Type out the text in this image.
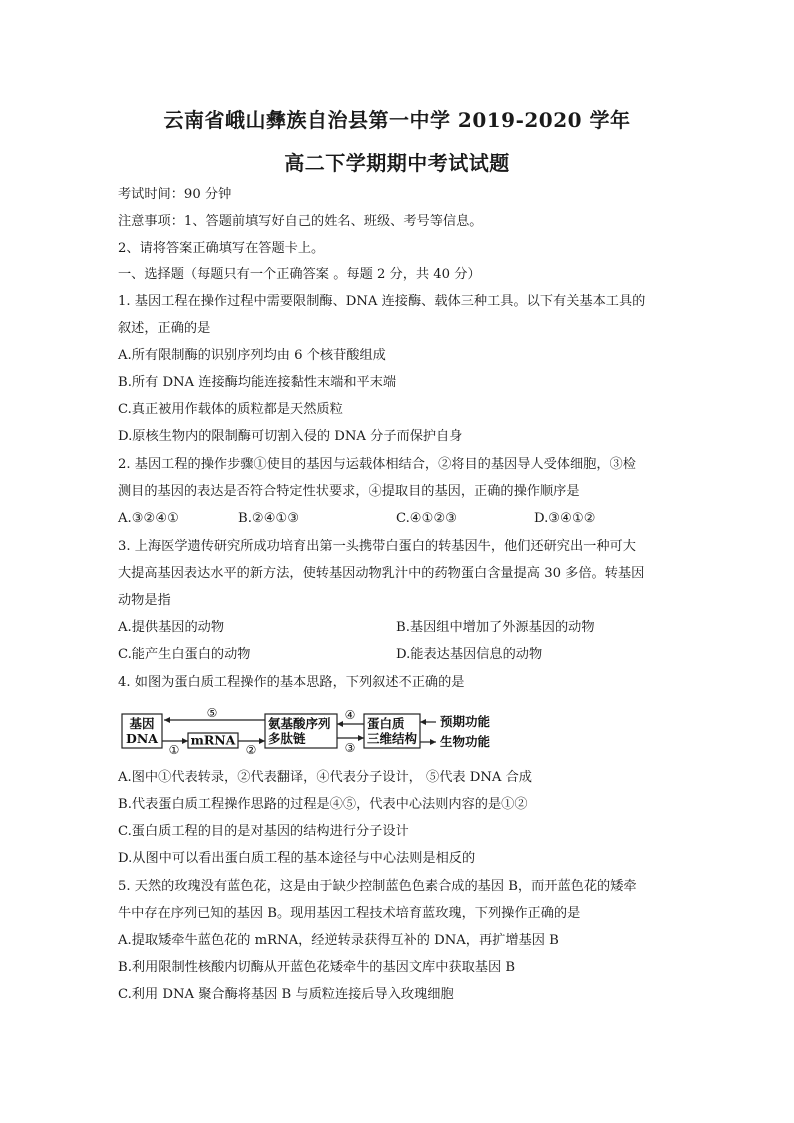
云南省峨山彝族自治县第一中学 2019-2020 学年
高二下学期期中考试试题
考试时间：90 分钟
注意事项：1、答题前填写好自己的姓名、班级、考号等信息。
2、请将答案正确填写在答题卡上。
一、选择题（每题只有一个正确答案 。每题 2 分，共 40 分）
1. 基因工程在操作过程中需要限制酶、DNA 连接酶、载体三种工具。以下有关基本工具的
叙述，正确的是
A.所有限制酶的识别序列均由 6 个核苷酸组成
B.所有 DNA 连接酶均能连接黏性末端和平末端
C.真正被用作载体的质粒都是天然质粒
D.原核生物内的限制酶可切割入侵的 DNA 分子而保护自身
2. 基因工程的操作步骤①使目的基因与运载体相结合，②将目的基因导人受体细胞，③检
测目的基因的表达是否符合特定性状要求，④提取目的基因，正确的操作顺序是
A.③②④①	B.②④①③	C.④①②③	D.③④①②
3. 上海医学遗传研究所成功培育出第一头携带白蛋白的转基因牛，他们还研究出一种可大
大提高基因表达水平的新方法，使转基因动物乳汁中的药物蛋白含量提高 30 多倍。转基因
动物是指
A.提供基因的动物	B.基因组中增加了外源基因的动物
C.能产生白蛋白的动物	D.能表达基因信息的动物
4. 如图为蛋白质工程操作的基本思路，下列叙述不正确的是
基因
DNA	mRNA
氨基酸序列
多肽链
蛋白质
三维结构
⑤
①	②
④
③
预期功能
生物功能
A.图中①代表转录，②代表翻译，④代表分子设计， ⑤代表 DNA 合成
B.代表蛋白质工程操作思路的过程是④⑤，代表中心法则内容的是①②
C.蛋白质工程的目的是对基因的结构进行分子设计
D.从图中可以看出蛋白质工程的基本途径与中心法则是相反的
5. 天然的玫瑰没有蓝色花，这是由于缺少控制蓝色色素合成的基因 B，而开蓝色花的矮牵
牛中存在序列已知的基因 B。现用基因工程技术培育蓝玫瑰，下列操作正确的是
A.提取矮牵牛蓝色花的 mRNA，经逆转录获得互补的 DNA，再扩增基因 B
B.利用限制性核酸内切酶从开蓝色花矮牵牛的基因文库中获取基因 B
C.利用 DNA 聚合酶将基因 B 与质粒连接后导入玫瑰细胞
